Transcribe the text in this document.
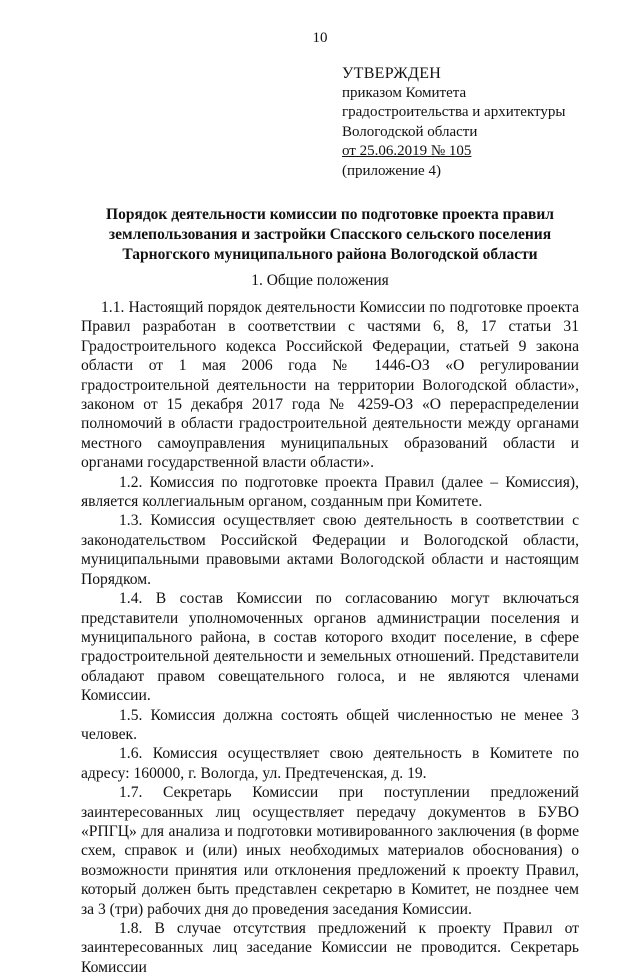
10
УТВЕРЖДЕН
приказом Комитета
градостроительства и архитектуры
Вологодской области
от 25.06.2019 № 105
(приложение 4)
Порядок деятельности комиссии по подготовке проекта правил землепользования и застройки Спасского сельского поселения Тарногского муниципального района Вологодской области
1. Общие положения

1.1. Настоящий порядок деятельности Комиссии по подготовке проекта Правил разработан в соответствии с частями 6, 8, 17 статьи 31 Градостроительного кодекса Российской Федерации, статьей 9 закона области от 1 мая 2006 года № 1446-ОЗ «О регулировании градостроительной деятельности на территории Вологодской области», законом от 15 декабря 2017 года № 4259-ОЗ «О перераспределении полномочий в области градостроительной деятельности между органами местного самоуправления муниципальных образований области и органами государственной власти области».

1.2. Комиссия по подготовке проекта Правил (далее – Комиссия), является коллегиальным органом, созданным при Комитете.

1.3. Комиссия осуществляет свою деятельность в соответствии с законодательством Российской Федерации и Вологодской области, муниципальными правовыми актами Вологодской области и настоящим Порядком.

1.4. В состав Комиссии по согласованию могут включаться представители уполномоченных органов администрации поселения и муниципального района, в состав которого входит поселение, в сфере градостроительной деятельности и земельных отношений. Представители обладают правом совещательного голоса, и не являются членами Комиссии.

1.5. Комиссия должна состоять общей численностью не менее 3 человек.

1.6. Комиссия осуществляет свою деятельность в Комитете по адресу: 160000, г. Вологда, ул. Предтеченская, д. 19.

1.7. Секретарь Комиссии при поступлении предложений заинтересованных лиц осуществляет передачу документов в БУВО «РПГЦ» для анализа и подготовки мотивированного заключения (в форме схем, справок и (или) иных необходимых материалов обоснования) о возможности принятия или отклонения предложений к проекту Правил, который должен быть представлен секретарю в Комитет, не позднее чем за 3 (три) рабочих дня до проведения заседания Комиссии.

1.8. В случае отсутствия предложений к проекту Правил от заинтересованных лиц заседание Комиссии не проводится. Секретарь Комиссии
